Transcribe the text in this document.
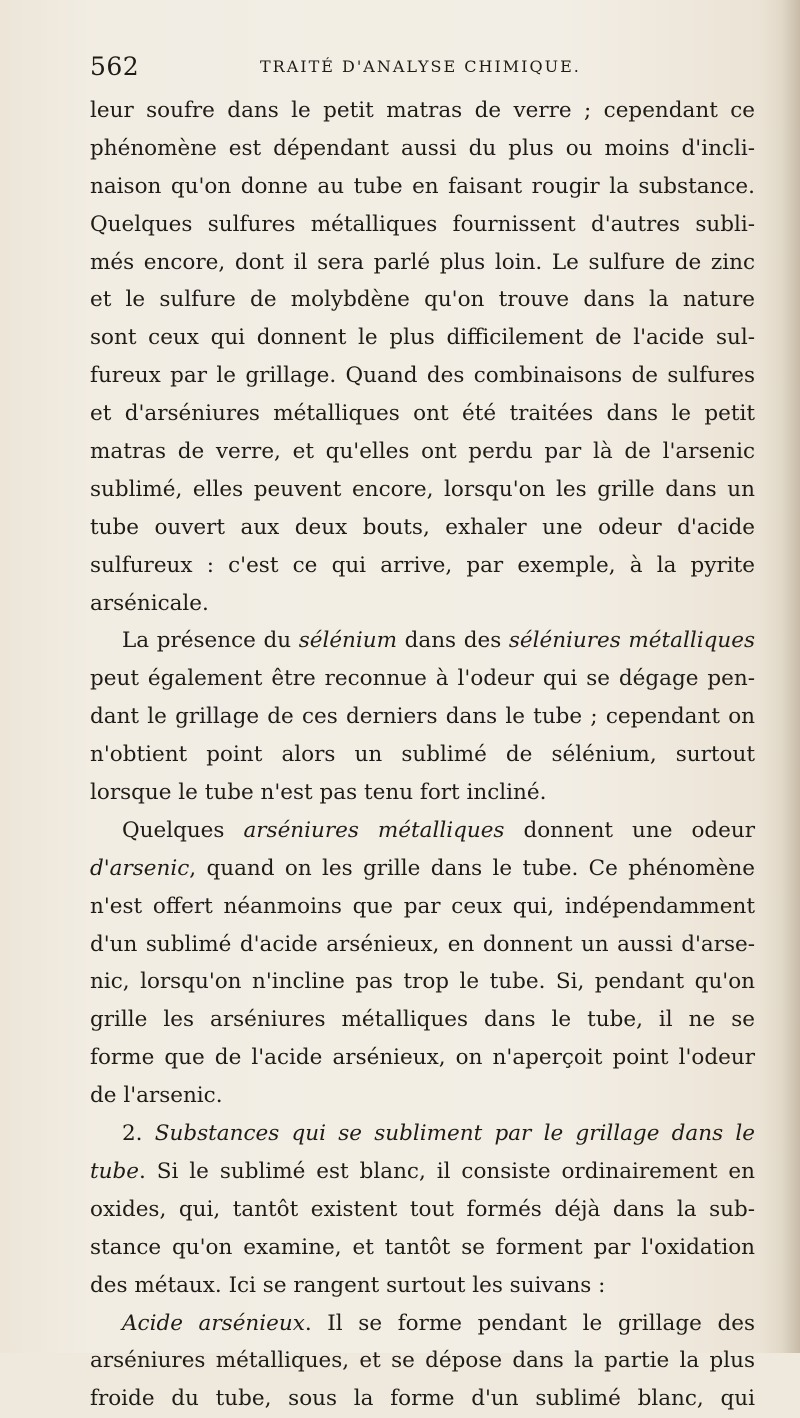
562	TRAITÉ D'ANALYSE CHIMIQUE.
leur soufre dans le petit matras de verre ; cependant ce
phénomène est dépendant aussi du plus ou moins d'incli-
naison qu'on donne au tube en faisant rougir la substance.
Quelques sulfures métalliques fournissent d'autres subli-
més encore, dont il sera parlé plus loin. Le sulfure de zinc
et le sulfure de molybdène qu'on trouve dans la nature
sont ceux qui donnent le plus difficilement de l'acide sul-
fureux par le grillage. Quand des combinaisons de sulfures
et d'arséniures métalliques ont été traitées dans le petit
matras de verre, et qu'elles ont perdu par là de l'arsenic
sublimé, elles peuvent encore, lorsqu'on les grille dans un
tube ouvert aux deux bouts, exhaler une odeur d'acide
sulfureux : c'est ce qui arrive, par exemple, à la pyrite
arsénicale.
La présence du sélénium dans des séléniures métalliques
peut également être reconnue à l'odeur qui se dégage pen-
dant le grillage de ces derniers dans le tube ; cependant on
n'obtient point alors un sublimé de sélénium, surtout
lorsque le tube n'est pas tenu fort incliné.
Quelques arséniures métalliques donnent une odeur
d'arsenic, quand on les grille dans le tube. Ce phénomène
n'est offert néanmoins que par ceux qui, indépendamment
d'un sublimé d'acide arsénieux, en donnent un aussi d'arse-
nic, lorsqu'on n'incline pas trop le tube. Si, pendant qu'on
grille les arséniures métalliques dans le tube, il ne se
forme que de l'acide arsénieux, on n'aperçoit point l'odeur
de l'arsenic.
2. Substances qui se subliment par le grillage dans le
tube. Si le sublimé est blanc, il consiste ordinairement en
oxides, qui, tantôt existent tout formés déjà dans la sub-
stance qu'on examine, et tantôt se forment par l'oxidation
des métaux. Ici se rangent surtout les suivans :
Acide arsénieux. Il se forme pendant le grillage des
arséniures métalliques, et se dépose dans la partie la plus
froide du tube, sous la forme d'un sublimé blanc, qui
